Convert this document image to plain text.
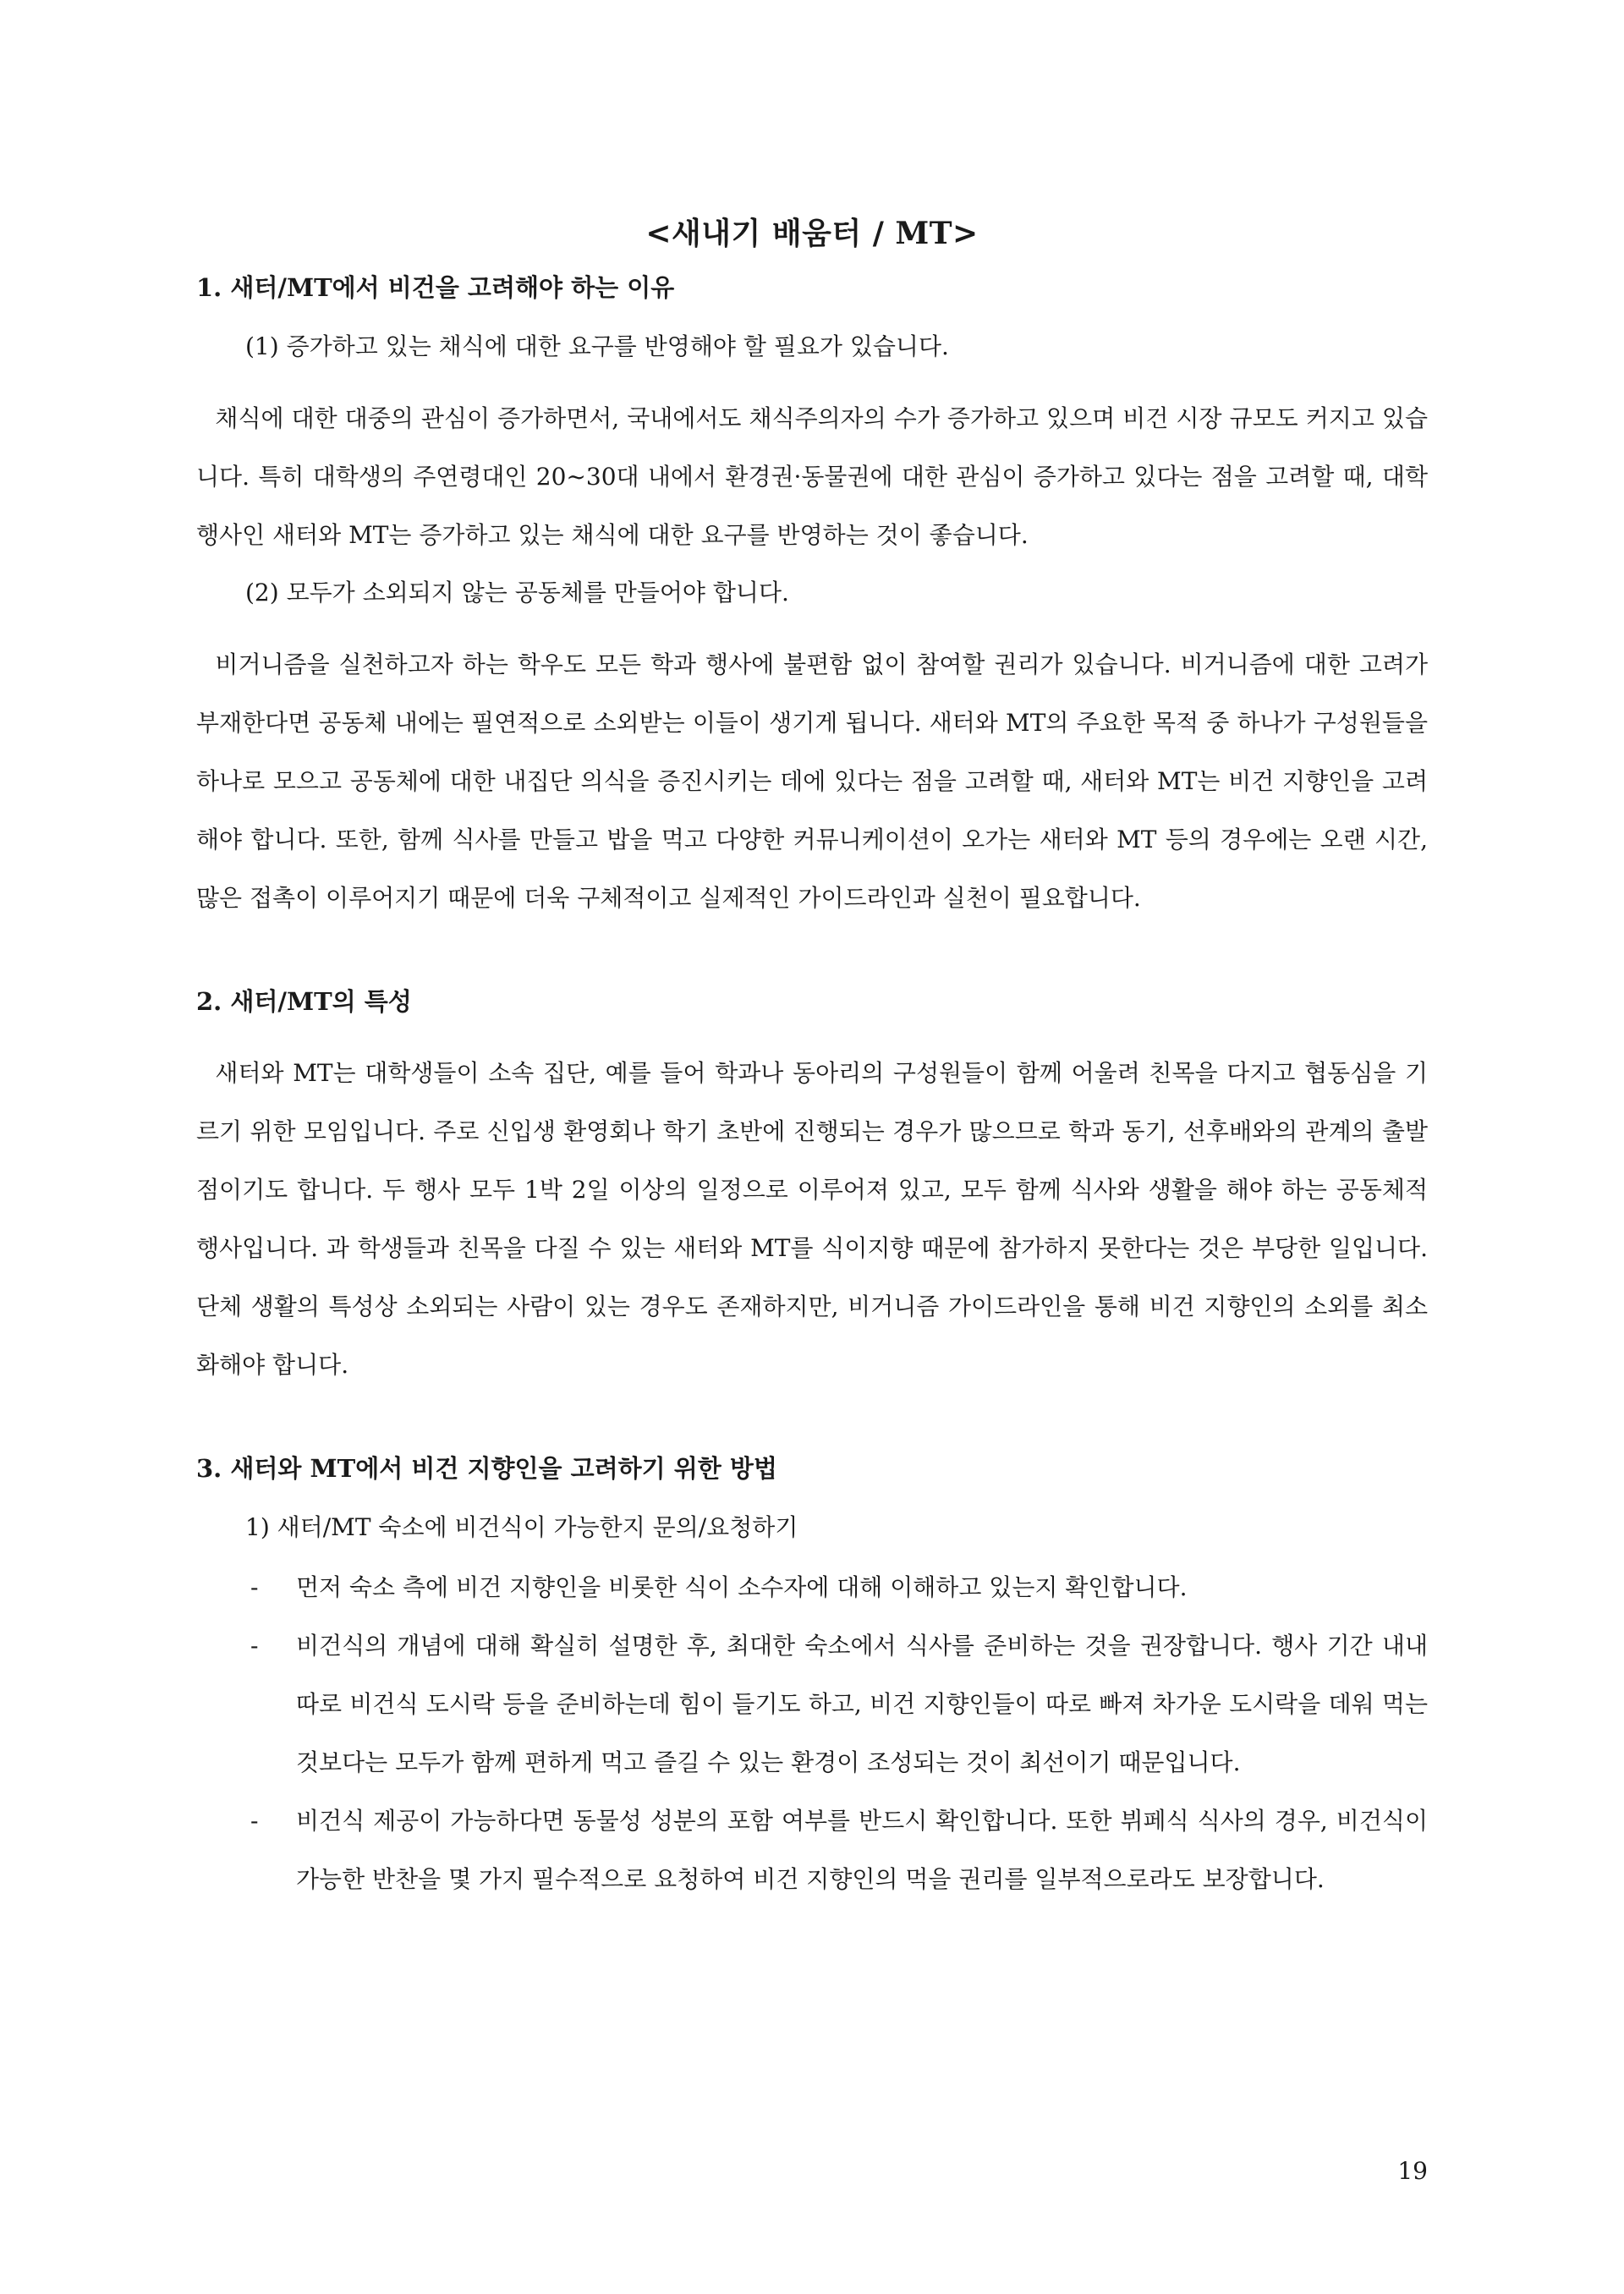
<새내기 배움터 / MT>
1. 새터/MT에서 비건을 고려해야 하는 이유
(1) 증가하고 있는 채식에 대한 요구를 반영해야 할 필요가 있습니다.

채식에 대한 대중의 관심이 증가하면서, 국내에서도 채식주의자의 수가 증가하고 있으며 비건 시장 규모도 커지고 있습니다. 특히 대학생의 주연령대인 20~30대 내에서 환경권·동물권에 대한 관심이 증가하고 있다는 점을 고려할 때, 대학 행사인 새터와 MT는 증가하고 있는 채식에 대한 요구를 반영하는 것이 좋습니다.

(2) 모두가 소외되지 않는 공동체를 만들어야 합니다.

비거니즘을 실천하고자 하는 학우도 모든 학과 행사에 불편함 없이 참여할 권리가 있습니다. 비거니즘에 대한 고려가 부재한다면 공동체 내에는 필연적으로 소외받는 이들이 생기게 됩니다. 새터와 MT의 주요한 목적 중 하나가 구성원들을 하나로 모으고 공동체에 대한 내집단 의식을 증진시키는 데에 있다는 점을 고려할 때, 새터와 MT는 비건 지향인을 고려해야 합니다. 또한, 함께 식사를 만들고 밥을 먹고 다양한 커뮤니케이션이 오가는 새터와 MT 등의 경우에는 오랜 시간, 많은 접촉이 이루어지기 때문에 더욱 구체적이고 실제적인 가이드라인과 실천이 필요합니다.

2. 새터/MT의 특성

새터와 MT는 대학생들이 소속 집단, 예를 들어 학과나 동아리의 구성원들이 함께 어울려 친목을 다지고 협동심을 기르기 위한 모임입니다. 주로 신입생 환영회나 학기 초반에 진행되는 경우가 많으므로 학과 동기, 선후배와의 관계의 출발점이기도 합니다. 두 행사 모두 1박 2일 이상의 일정으로 이루어져 있고, 모두 함께 식사와 생활을 해야 하는 공동체적 행사입니다. 과 학생들과 친목을 다질 수 있는 새터와 MT를 식이지향 때문에 참가하지 못한다는 것은 부당한 일입니다. 단체 생활의 특성상 소외되는 사람이 있는 경우도 존재하지만, 비거니즘 가이드라인을 통해 비건 지향인의 소외를 최소화해야 합니다.

3. 새터와 MT에서 비건 지향인을 고려하기 위한 방법
1) 새터/MT 숙소에 비건식이 가능한지 문의/요청하기
- 먼저 숙소 측에 비건 지향인을 비롯한 식이 소수자에 대해 이해하고 있는지 확인합니다.
- 비건식의 개념에 대해 확실히 설명한 후, 최대한 숙소에서 식사를 준비하는 것을 권장합니다. 행사 기간 내내 따로 비건식 도시락 등을 준비하는데 힘이 들기도 하고, 비건 지향인들이 따로 빠져 차가운 도시락을 데워 먹는 것보다는 모두가 함께 편하게 먹고 즐길 수 있는 환경이 조성되는 것이 최선이기 때문입니다.
- 비건식 제공이 가능하다면 동물성 성분의 포함 여부를 반드시 확인합니다. 또한 뷔페식 식사의 경우, 비건식이 가능한 반찬을 몇 가지 필수적으로 요청하여 비건 지향인의 먹을 권리를 일부적으로라도 보장합니다.
19
